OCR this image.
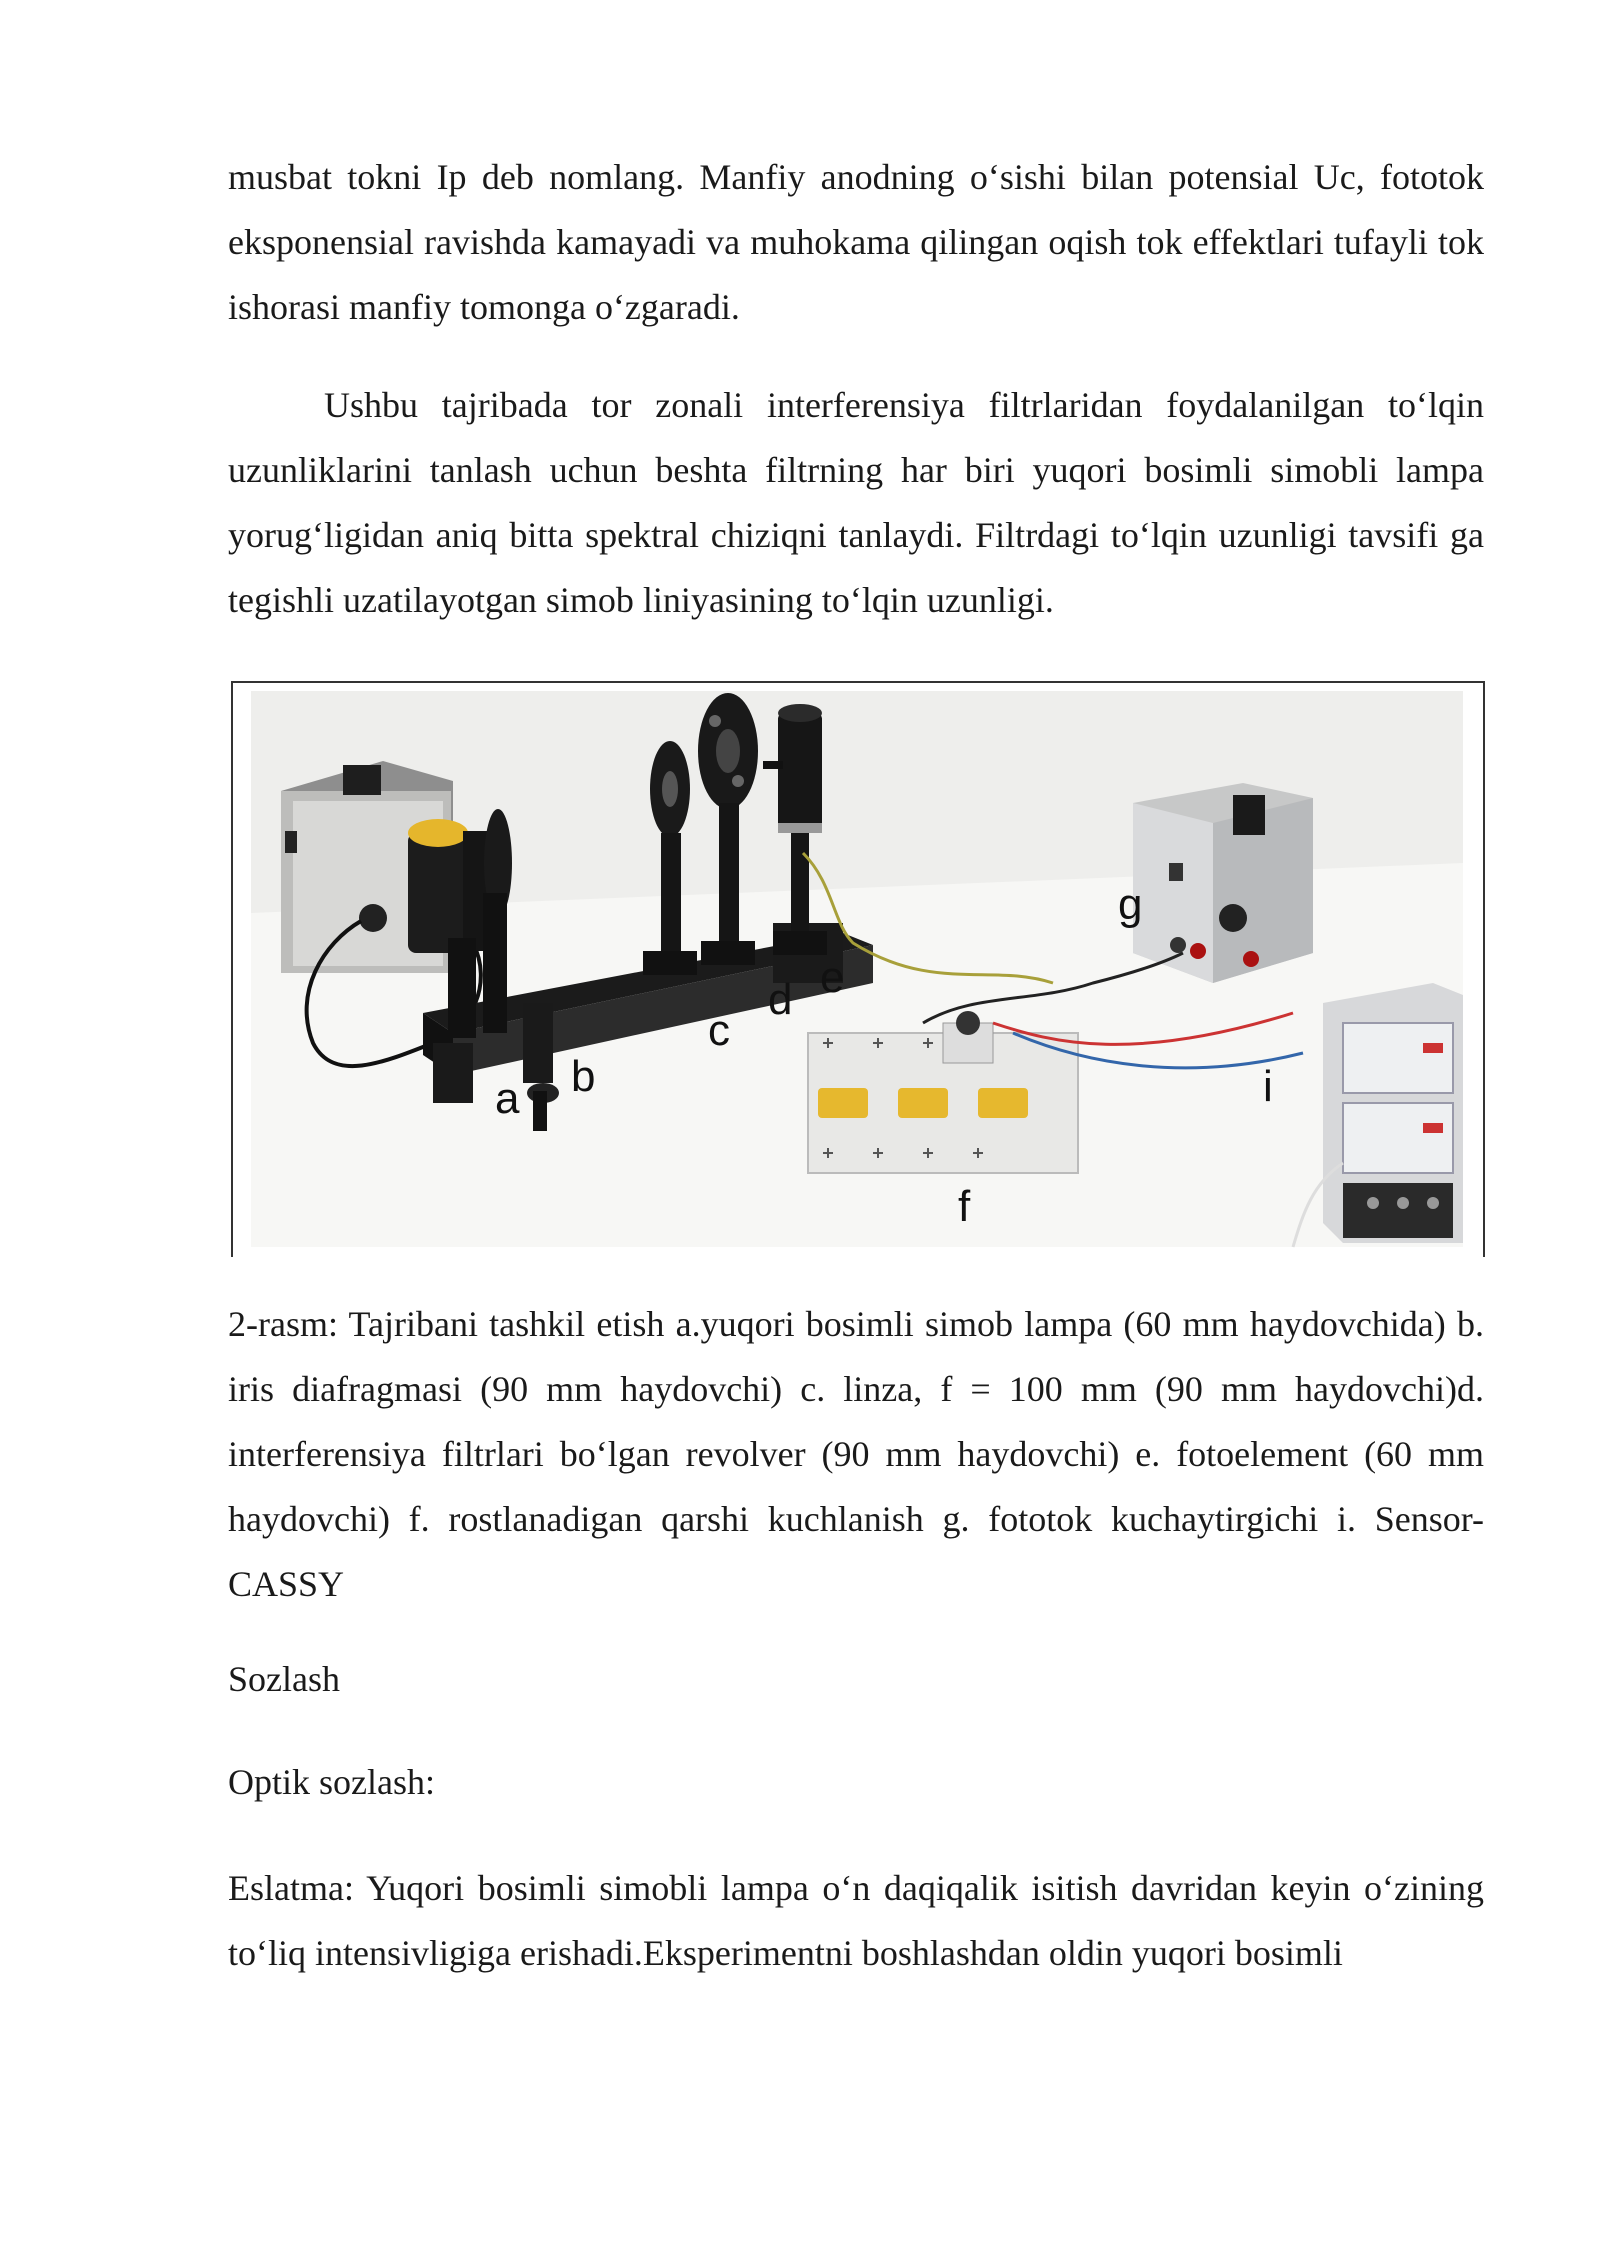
musbat tokni Ip deb nomlang. Manfiy anodning o‘sishi bilan potensial Uc, fototok eksponensial ravishda kamayadi va muhokama qilingan oqish tok effektlari tufayli tok ishorasi manfiy tomonga o‘zgaradi.

Ushbu tajribada tor zonali interferensiya filtrlaridan foydalanilgan to‘lqin uzunliklarini tanlash uchun beshta filtrning har biri yuqori bosimli simobli lampa yorug‘ligidan aniq bitta spektral chiziqni tanlaydi. Filtrdagi to‘lqin uzunligi tavsifi ga tegishli uzatilayotgan simob liniyasining to‘lqin uzunligi.

a b
c
d e
f
g
i

2-rasm: Tajribani tashkil etish a.yuqori bosimli simob lampa (60 mm haydovchida) b. iris diafragmasi (90 mm haydovchi) c. linza, f = 100 mm (90 mm haydovchi)d. interferensiya filtrlari bo‘lgan revolver (90 mm haydovchi) e. fotoelement (60 mm haydovchi) f. rostlanadigan qarshi kuchlanish g. fototok kuchaytirgichi i. Sensor-CASSY

Sozlash

Optik sozlash:

Eslatma: Yuqori bosimli simobli lampa o‘n daqiqalik isitish davridan keyin o‘zining to‘liq intensivligiga erishadi.Eksperimentni boshlashdan oldin yuqori bosimli
